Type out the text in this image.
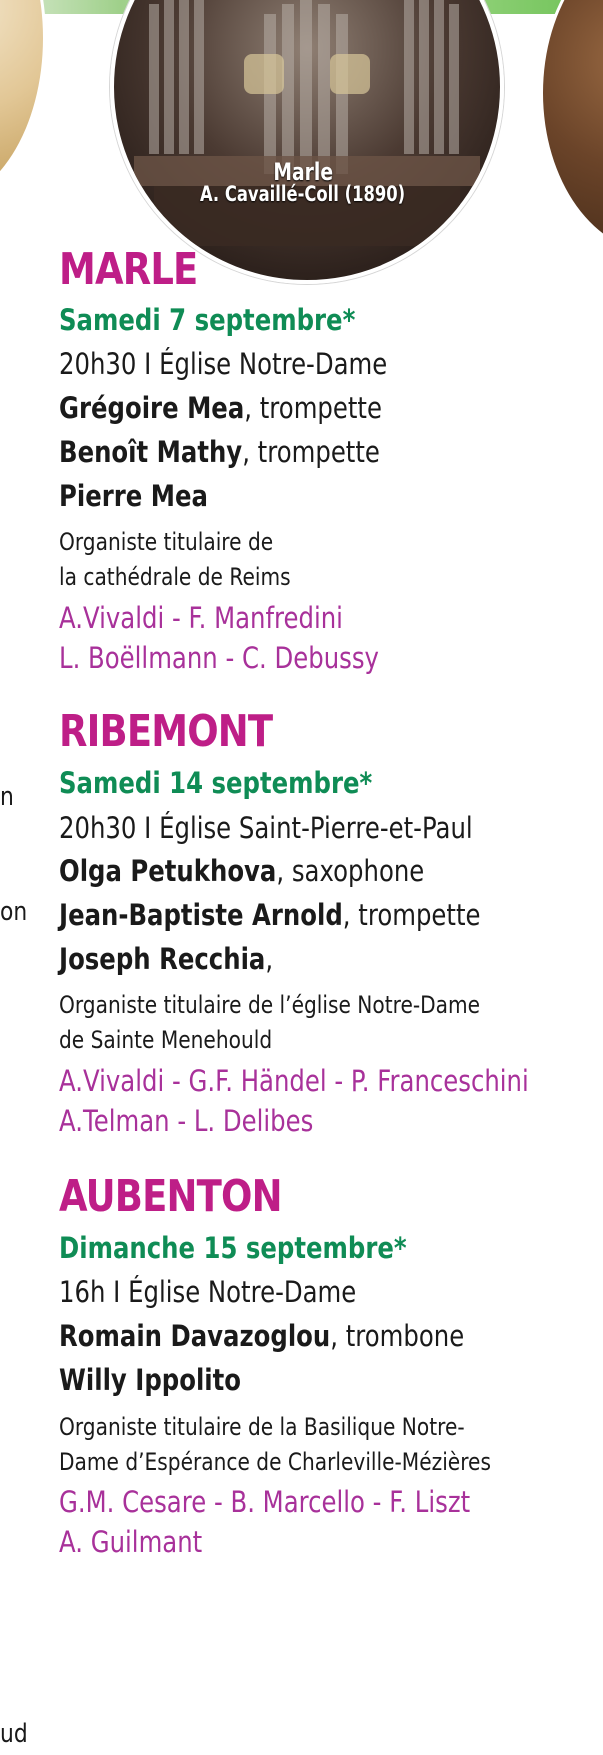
Marle
A. Cavaillé-Coll (1890)
n
on
ud
MARLE
Samedi 7 septembre*
20h30 I Église Notre-Dame
Grégoire Mea, trompette
Benoît Mathy, trompette
Pierre Mea
Organiste titulaire de
la cathédrale de Reims
A.Vivaldi - F. Manfredini
L. Boëllmann - C. Debussy
RIBEMONT
Samedi 14 septembre*
20h30 I Église Saint-Pierre-et-Paul
Olga Petukhova, saxophone
Jean-Baptiste Arnold, trompette
Joseph Recchia,
Organiste titulaire de l’église Notre-Dame
de Sainte Menehould
A.Vivaldi - G.F. Händel - P. Franceschini
A.Telman - L. Delibes
AUBENTON
Dimanche 15 septembre*
16h I Église Notre-Dame
Romain Davazoglou, trombone
Willy Ippolito
Organiste titulaire de la Basilique Notre-
Dame d’Espérance de Charleville-Mézières
G.M. Cesare - B. Marcello - F. Liszt
A. Guilmant
